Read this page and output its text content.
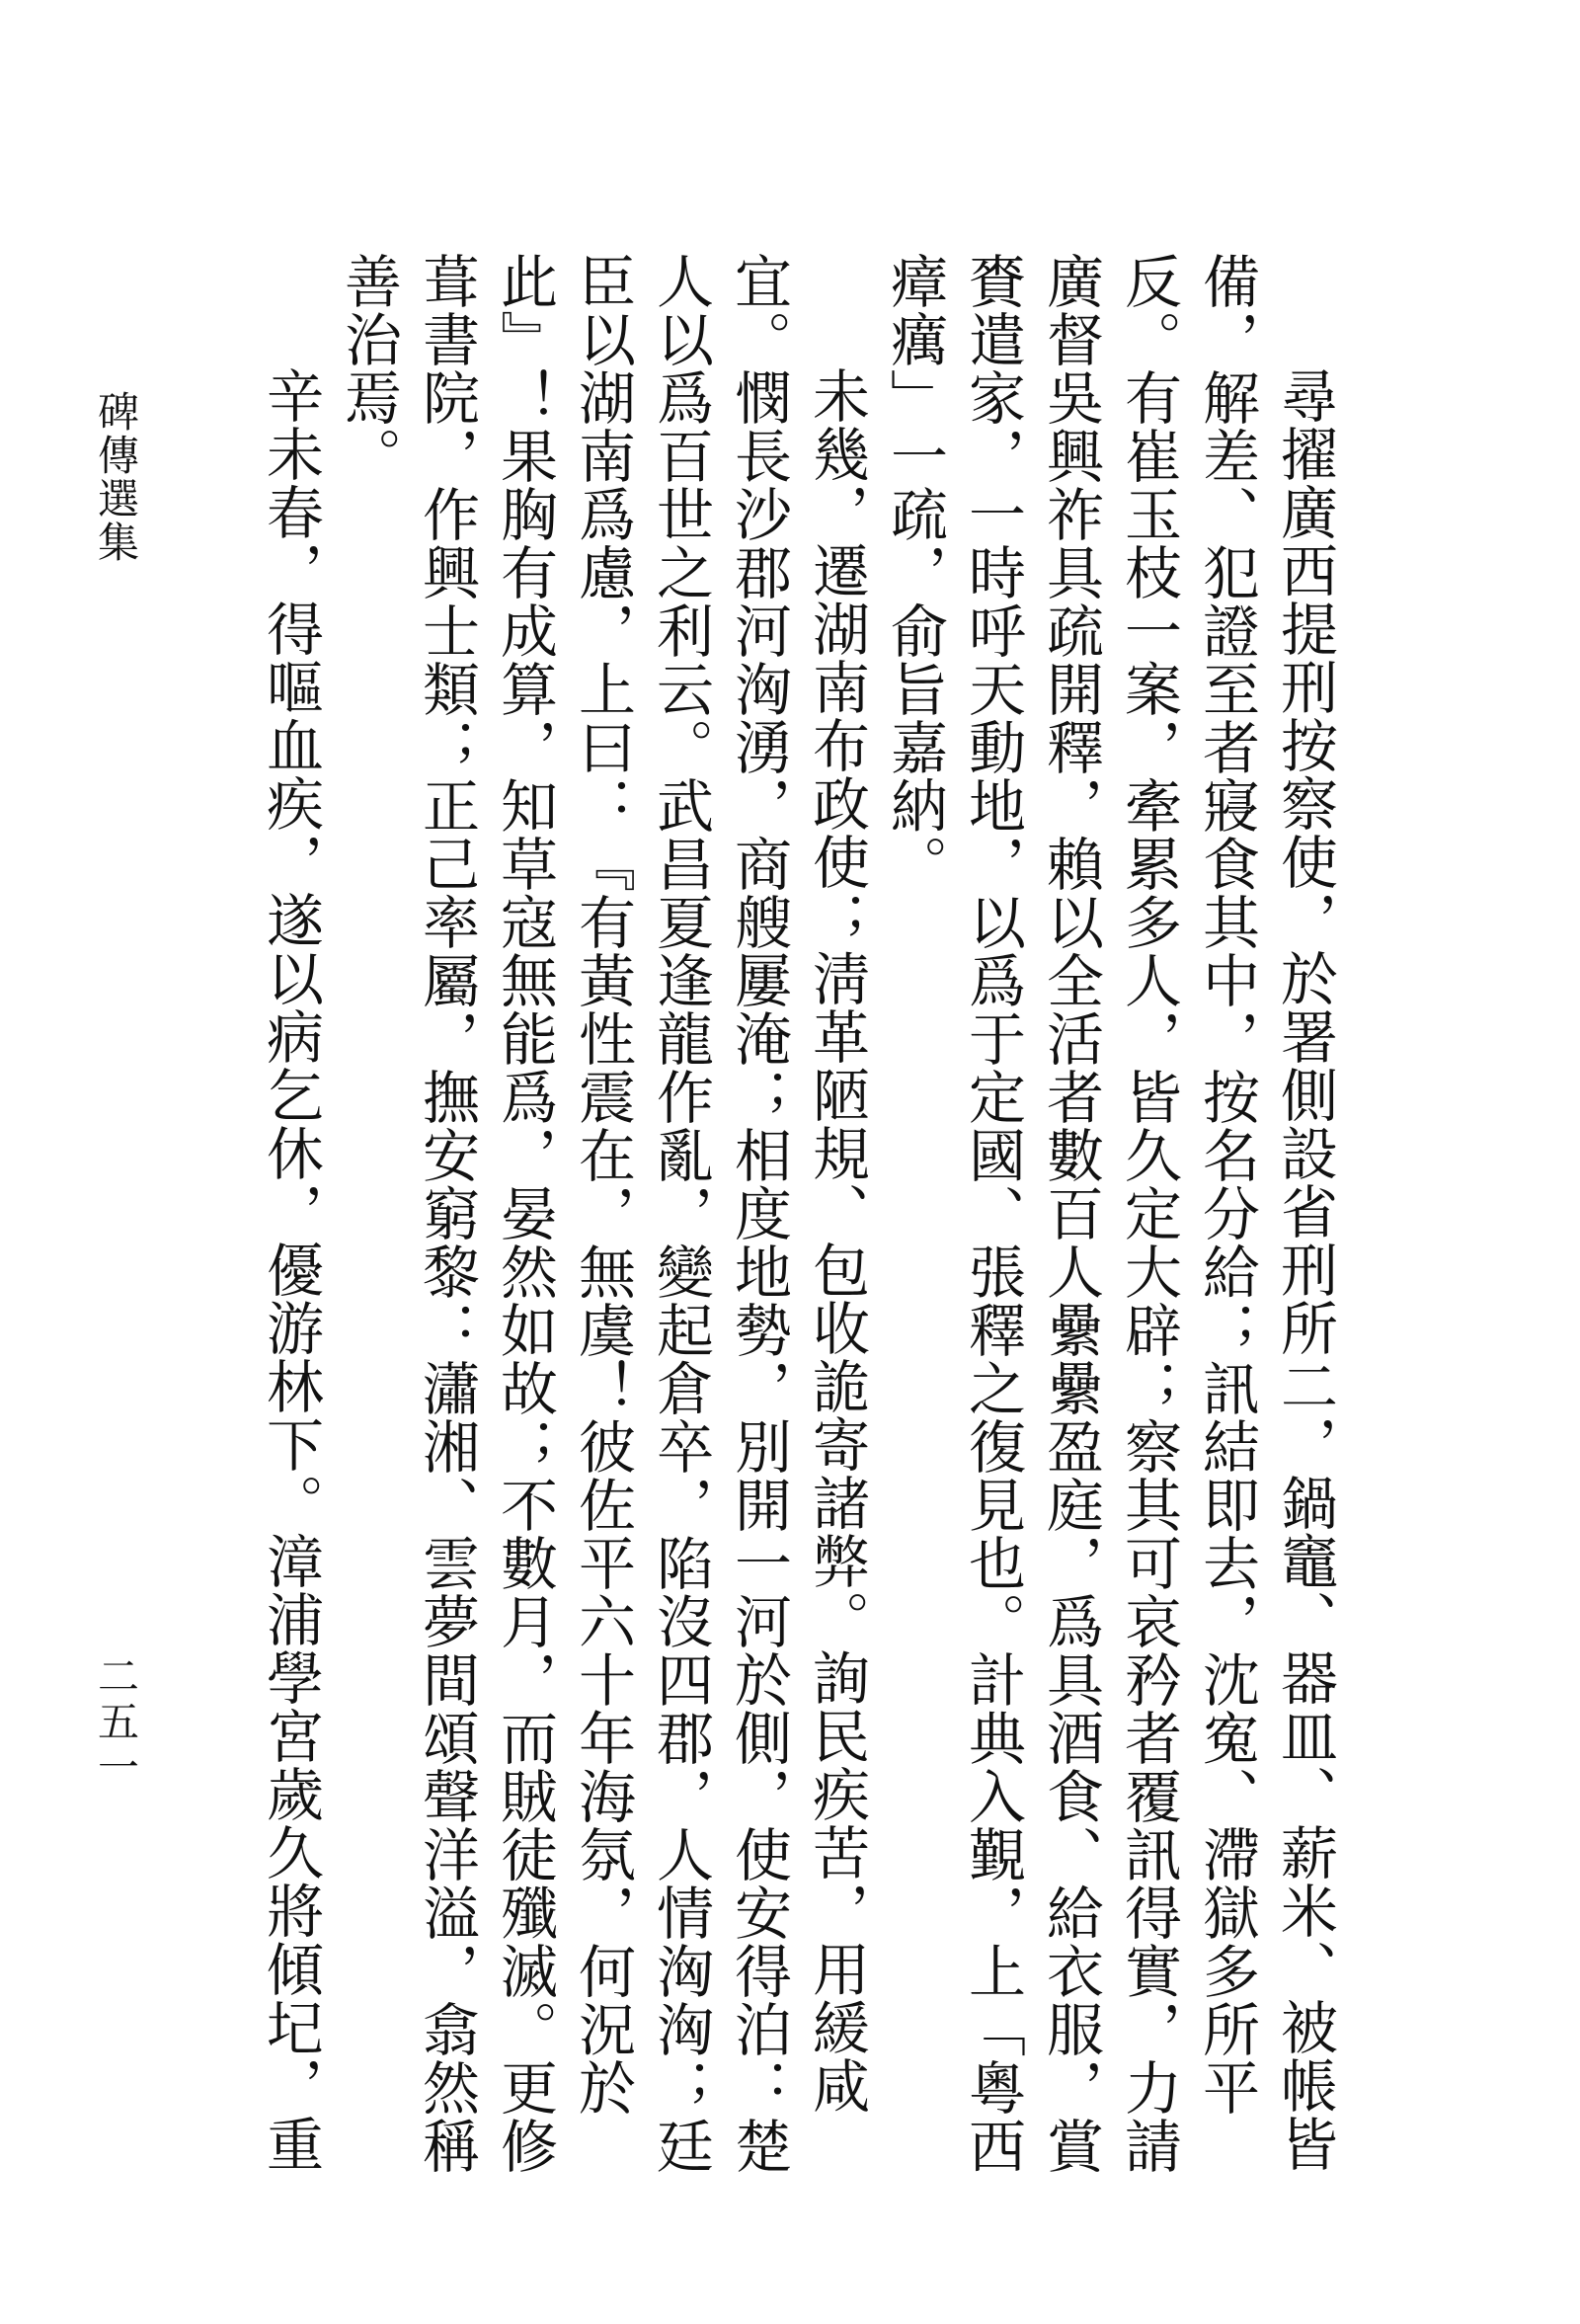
碑傳選集
二五一	尋擢廣西提刑按察使，於署側設省刑所二，鍋竈、器皿、薪米、被帳皆備，解差、犯證至者寢食其中，按名分給；訊結即去，沈寃、滯獄多所平反。有崔玉枝一案，牽累多人，皆久定大辟；察其可哀矜者覆訊得實，力請廣督吳興祚具疏開釋，賴以全活者數百人纍纍盈庭，爲具酒食、給衣服，賞賚遣家，一時呼天動地，以爲于定國、張釋之復見也。計典入覲，上「粵西瘴癘」一疏，俞旨嘉納。

未幾，遷湖南布政使；淸革陋規、包收詭寄諸弊。詢民疾苦，用緩咸宜。憫長沙郡河洶湧，商艘屢淹；相度地勢，別開一河於側，使安得泊：楚人以爲百世之利云。武昌夏逢龍作亂，變起倉卒，陷沒四郡，人情洶洶；廷臣以湖南爲慮，上曰：『有黃性震在，無虞！彼佐平六十年海氛，何況於此』！果胸有成算，知草寇無能爲，晏然如故；不數月，而賊徒殲滅。更修葺書院，作興士類；正己率屬，撫安窮黎：瀟湘、雲夢間頌聲洋溢，翕然稱善治焉。

辛未春，得嘔血疾，遂以病乞休，優游林下。漳浦學宮歲久將傾圮，重
